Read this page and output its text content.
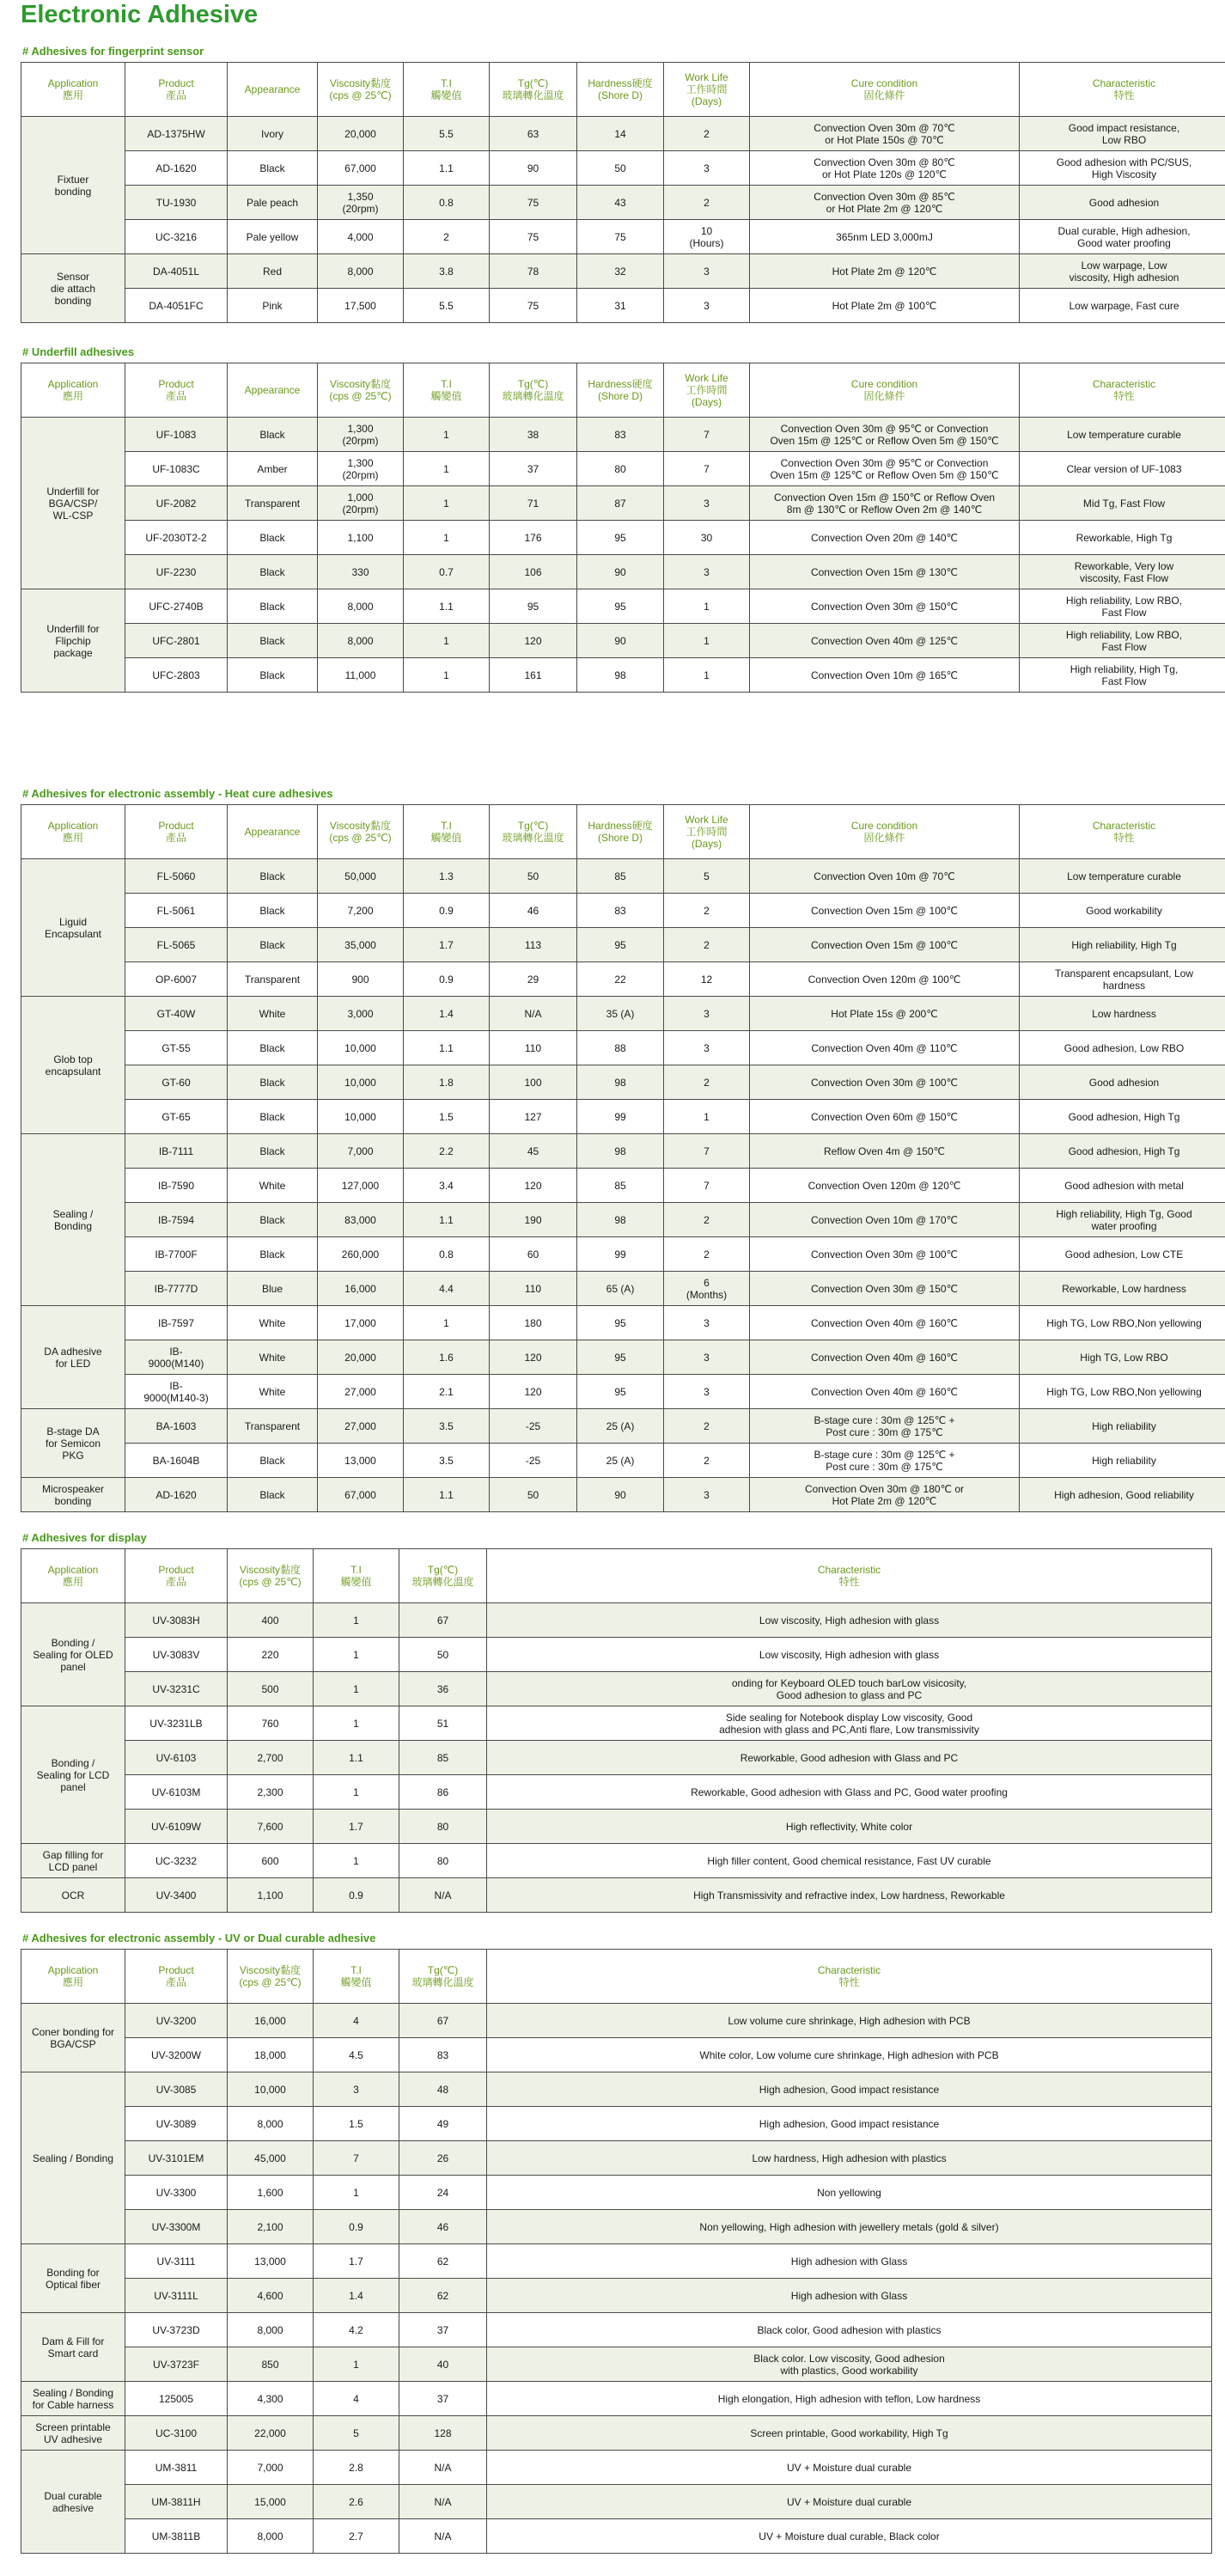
Electronic Adhesive
# Adhesives for fingerprint sensor
Application
應用	Product
產品	Appearance	Viscosity黏度
(cps @ 25℃)	T.I
觸變值	Tg(℃)
玻璃轉化溫度	Hardness硬度
(Shore D)	Work Life
工作時間
(Days)	Cure condition
固化條件	Characteristic
特性

Fixtuer
bonding	AD-1375HW	Ivory	20,000	5.5	63	14	2	Convection Oven 30m @ 70℃
or Hot Plate 150s @ 70℃	Good impact resistance,
Low RBO

	AD-1620	Black	67,000	1.1	90	50	3	Convection Oven 30m @ 80℃
or Hot Plate 120s @ 120℃	Good adhesion with PC/SUS,
High Viscosity

	TU-1930	Pale peach	1,350
(20rpm)	0.8	75	43	2	Convection Oven 30m @ 85℃
or Hot Plate 2m @ 120℃	Good adhesion

	UC-3216	Pale yellow	4,000	2	75	75	10
(Hours)	365nm LED 3,000mJ	Dual curable, High adhesion,
Good water proofing

Sensor
die attach
bonding	DA-4051L	Red	8,000	3.8	78	32	3	Hot Plate 2m @ 120℃	Low warpage, Low
viscosity, High adhesion

	DA-4051FC	Pink	17,500	5.5	75	31	3	Hot Plate 2m @ 100℃	Low warpage, Fast cure
# Underfill adhesives
Application
應用	Product
產品	Appearance	Viscosity黏度
(cps @ 25℃)	T.I
觸變值	Tg(℃)
玻璃轉化溫度	Hardness硬度
(Shore D)	Work Life
工作時間
(Days)	Cure condition
固化條件	Characteristic
特性

Underfill for
BGA/CSP/
WL-CSP	UF-1083	Black	1,300
(20rpm)	1	38	83	7	Convection Oven 30m @ 95℃ or Convection
Oven 15m @ 125℃ or Reflow Oven 5m @ 150℃	Low temperature curable

	UF-1083C	Amber	1,300
(20rpm)	1	37	80	7	Convection Oven 30m @ 95℃ or Convection
Oven 15m @ 125℃ or Reflow Oven 5m @ 150℃	Clear version of UF-1083

	UF-2082	Transparent	1,000
(20rpm)	1	71	87	3	Convection Oven 15m @ 150℃ or Reflow Oven
8m @ 130℃ or Reflow Oven 2m @ 140℃	Mid Tg, Fast Flow

	UF-2030T2-2	Black	1,100	1	176	95	30	Convection Oven 20m @ 140℃	Reworkable, High Tg

	UF-2230	Black	330	0.7	106	90	3	Convection Oven 15m @ 130℃	Reworkable, Very low
viscosity, Fast Flow

Underfill for
Flipchip
package	UFC-2740B	Black	8,000	1.1	95	95	1	Convection Oven 30m @ 150℃	High reliability, Low RBO,
Fast Flow

	UFC-2801	Black	8,000	1	120	90	1	Convection Oven 40m @ 125℃	High reliability, Low RBO,
Fast Flow

	UFC-2803	Black	11,000	1	161	98	1	Convection Oven 10m @ 165℃	High reliability, High Tg,
Fast Flow
# Adhesives for electronic assembly - Heat cure adhesives
Application
應用	Product
產品	Appearance	Viscosity黏度
(cps @ 25℃)	T.I
觸變值	Tg(℃)
玻璃轉化溫度	Hardness硬度
(Shore D)	Work Life
工作時間
(Days)	Cure condition
固化條件	Characteristic
特性

Liguid
Encapsulant	FL-5060	Black	50,000	1.3	50	85	5	Convection Oven 10m @ 70℃	Low temperature curable

	FL-5061	Black	7,200	0.9	46	83	2	Convection Oven 15m @ 100℃	Good workability

	FL-5065	Black	35,000	1.7	113	95	2	Convection Oven 15m @ 100℃	High reliability, High Tg

	OP-6007	Transparent	900	0.9	29	22	12	Convection Oven 120m @ 100℃	Transparent encapsulant, Low
hardness

Glob top
encapsulant	GT-40W	White	3,000	1.4	N/A	35 (A)	3	Hot Plate 15s @ 200℃	Low hardness

	GT-55	Black	10,000	1.1	110	88	3	Convection Oven 40m @ 110℃	Good adhesion, Low RBO

	GT-60	Black	10,000	1.8	100	98	2	Convection Oven 30m @ 100℃	Good adhesion

	GT-65	Black	10,000	1.5	127	99	1	Convection Oven 60m @ 150℃	Good adhesion, High Tg

Sealing /
Bonding	IB-7111	Black	7,000	2.2	45	98	7	Reflow Oven 4m @ 150℃	Good adhesion, High Tg

	IB-7590	White	127,000	3.4	120	85	7	Convection Oven 120m @ 120℃	Good adhesion with metal

	IB-7594	Black	83,000	1.1	190	98	2	Convection Oven 10m @ 170℃	High reliability, High Tg, Good
water proofing

	IB-7700F	Black	260,000	0.8	60	99	2	Convection Oven 30m @ 100℃	Good adhesion, Low CTE

	IB-7777D	Blue	16,000	4.4	110	65 (A)	6
(Months)	Convection Oven 30m @ 150℃	Reworkable, Low hardness

DA adhesive
for LED	IB-7597	White	17,000	1	180	95	3	Convection Oven 40m @ 160℃	High TG, Low RBO,Non yellowing

	IB-
9000(M140)	White	20,000	1.6	120	95	3	Convection Oven 40m @ 160℃	High TG, Low RBO

	IB-
9000(M140-3)	White	27,000	2.1	120	95	3	Convection Oven 40m @ 160℃	High TG, Low RBO,Non yellowing

B-stage DA
for Semicon
PKG	BA-1603	Transparent	27,000	3.5	-25	25 (A)	2	B-stage cure : 30m @ 125℃ +
Post cure : 30m @ 175℃	High reliability

	BA-1604B	Black	13,000	3.5	-25	25 (A)	2	B-stage cure : 30m @ 125℃ +
Post cure : 30m @ 175℃	High reliability

Microspeaker
bonding	AD-1620	Black	67,000	1.1	50	90	3	Convection Oven 30m @ 180℃ or
Hot Plate 2m @ 120℃	High adhesion, Good reliability
# Adhesives for display
Application
應用	Product
產品	Viscosity黏度
(cps @ 25℃)	T.I
觸變值	Tg(℃)
玻璃轉化溫度	Characteristic
特性

Bonding /
Sealing for OLED
panel	UV-3083H	400	1	67	Low viscosity, High adhesion with glass

	UV-3083V	220	1	50	Low viscosity, High adhesion with glass

	UV-3231C	500	1	36	onding for Keyboard OLED touch barLow visicosity,
Good adhesion to glass and PC

Bonding /
Sealing for LCD
panel	UV-3231LB	760	1	51	Side sealing for Notebook display Low viscosity, Good
adhesion with glass and PC,Anti flare, Low transmissivity

	UV-6103	2,700	1.1	85	Reworkable, Good adhesion with Glass and PC

	UV-6103M	2,300	1	86	Reworkable, Good adhesion with Glass and PC, Good water proofing

	UV-6109W	7,600	1.7	80	High reflectivity, White color

Gap filling for
LCD panel	UC-3232	600	1	80	High filler content, Good chemical resistance, Fast UV curable

OCR	UV-3400	1,100	0.9	N/A	High Transmissivity and refractive index, Low hardness, Reworkable
# Adhesives for electronic assembly - UV or Dual curable adhesive
Application
應用	Product
產品	Viscosity黏度
(cps @ 25℃)	T.I
觸變值	Tg(℃)
玻璃轉化溫度	Characteristic
特性

Coner bonding for
BGA/CSP	UV-3200	16,000	4	67	Low volume cure shrinkage, High adhesion with PCB

	UV-3200W	18,000	4.5	83	White color, Low volume cure shrinkage, High adhesion with PCB

Sealing / Bonding	UV-3085	10,000	3	48	High adhesion, Good impact resistance

	UV-3089	8,000	1.5	49	High adhesion, Good impact resistance

	UV-3101EM	45,000	7	26	Low hardness, High adhesion with plastics

	UV-3300	1,600	1	24	Non yellowing

	UV-3300M	2,100	0.9	46	Non yellowing, High adhesion with jewellery metals (gold & silver)

Bonding for
Optical fiber	UV-3111	13,000	1.7	62	High adhesion with Glass

	UV-3111L	4,600	1.4	62	High adhesion with Glass

Dam & Fill for
Smart card	UV-3723D	8,000	4.2	37	Black color, Good adhesion with plastics

	UV-3723F	850	1	40	Black color. Low viscosity, Good adhesion
with plastics, Good workability

Sealing / Bonding
for Cable harness	125005	4,300	4	37	High elongation, High adhesion with teflon, Low hardness

Screen printable
UV adhesive	UC-3100	22,000	5	128	Screen printable, Good workability, High Tg

Dual curable
adhesive	UM-3811	7,000	2.8	N/A	UV + Moisture dual curable

	UM-3811H	15,000	2.6	N/A	UV + Moisture dual curable

	UM-3811B	8,000	2.7	N/A	UV + Moisture dual curable, Black color
